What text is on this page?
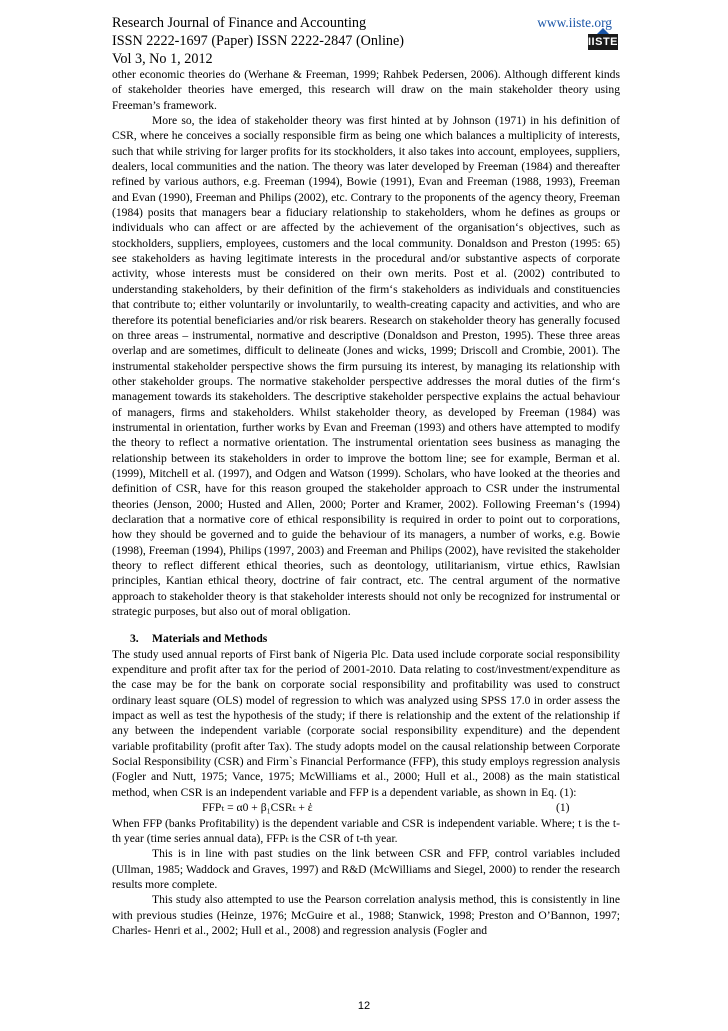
Research Journal of Finance and Accounting
ISSN 2222-1697 (Paper) ISSN 2222-2847 (Online)
Vol 3, No 1, 2012
www.iiste.org
IISTE

other economic theories do (Werhane & Freeman, 1999; Rahbek Pedersen, 2006). Although different kinds of stakeholder theories have emerged, this research will draw on the main stakeholder theory using Freeman’s framework.

More so, the idea of stakeholder theory was first hinted at by Johnson (1971) in his definition of CSR, where he conceives a socially responsible firm as being one which balances a multiplicity of interests, such that while striving for larger profits for its stockholders, it also takes into account, employees, suppliers, dealers, local communities and the nation. The theory was later developed by Freeman (1984) and thereafter refined by various authors, e.g. Freeman (1994), Bowie (1991), Evan and Freeman (1988, 1993), Freeman and Evan (1990), Freeman and Philips (2002), etc. Contrary to the proponents of the agency theory, Freeman (1984) posits that managers bear a fiduciary relationship to stakeholders, whom he defines as groups or individuals who can affect or are affected by the achievement of the organisation‘s objectives, such as stockholders, suppliers, employees, customers and the local community. Donaldson and Preston (1995: 65) see stakeholders as having legitimate interests in the procedural and/or substantive aspects of corporate activity, whose interests must be considered on their own merits. Post et al. (2002) contributed to understanding stakeholders, by their definition of the firm‘s stakeholders as individuals and constituencies that contribute to; either voluntarily or involuntarily, to wealth-creating capacity and activities, and who are therefore its potential beneficiaries and/or risk bearers. Research on stakeholder theory has generally focused on three areas – instrumental, normative and descriptive (Donaldson and Preston, 1995). These three areas overlap and are sometimes, difficult to delineate (Jones and wicks, 1999; Driscoll and Crombie, 2001). The instrumental stakeholder perspective shows the firm pursuing its interest, by managing its relationship with other stakeholder groups. The normative stakeholder perspective addresses the moral duties of the firm‘s management towards its stakeholders. The descriptive stakeholder perspective explains the actual behaviour of managers, firms and stakeholders. Whilst stakeholder theory, as developed by Freeman (1984) was instrumental in orientation, further works by Evan and Freeman (1993) and others have attempted to modify the theory to reflect a normative orientation. The instrumental orientation sees business as managing the relationship between its stakeholders in order to improve the bottom line; see for example, Berman et al. (1999), Mitchell et al. (1997), and Odgen and Watson (1999). Scholars, who have looked at the theories and definition of CSR, have for this reason grouped the stakeholder approach to CSR under the instrumental theories (Jenson, 2000; Husted and Allen, 2000; Porter and Kramer, 2002). Following Freeman‘s (1994) declaration that a normative core of ethical responsibility is required in order to point out to corporations, how they should be governed and to guide the behaviour of its managers, a number of works, e.g. Bowie (1998), Freeman (1994), Philips (1997, 2003) and Freeman and Philips (2002), have revisited the stakeholder theory to reflect different ethical theories, such as deontology, utilitarianism, virtue ethics, Rawlsian principles, Kantian ethical theory, doctrine of fair contract, etc. The central argument of the normative approach to stakeholder theory is that stakeholder interests should not only be recognized for instrumental or strategic purposes, but also out of moral obligation.

3. Materials and Methods

The study used annual reports of First bank of Nigeria Plc. Data used include corporate social responsibility expenditure and profit after tax for the period of 2001-2010. Data relating to cost/investment/expenditure as the case may be for the bank on corporate social responsibility and profitability was used to construct ordinary least square (OLS) model of regression to which was analyzed using SPSS 17.0 in order assess the impact as well as test the hypothesis of the study; if there is relationship and the extent of the relationship if any between the independent variable (corporate social responsibility expenditure) and the dependent variable profitability (profit after Tax). The study adopts model on the causal relationship between Corporate Social Responsibility (CSR) and Firm`s Financial Performance (FFP), this study employs regression analysis (Fogler and Nutt, 1975; Vance, 1975; McWilliams et al., 2000; Hull et al., 2008) as the main statistical method, when CSR is an independent variable and FFP is a dependent variable, as shown in Eq. (1):

FFPₜ = α0 + β₁CSRₜ + ἑ	(1)

When FFP (banks Profitability) is the dependent variable and CSR is independent variable. Where; t is the t-th year (time series annual data), FFPₜ is the CSR of t-th year.

This is in line with past studies on the link between CSR and FFP, control variables included (Ullman, 1985; Waddock and Graves, 1997) and R&D (McWilliams and Siegel, 2000) to render the research results more complete.

This study also attempted to use the Pearson correlation analysis method, this is consistently in line with previous studies (Heinze, 1976; McGuire et al., 1988; Stanwick, 1998; Preston and O’Bannon, 1997; Charles- Henri et al., 2002; Hull et al., 2008) and regression analysis (Fogler and

12
